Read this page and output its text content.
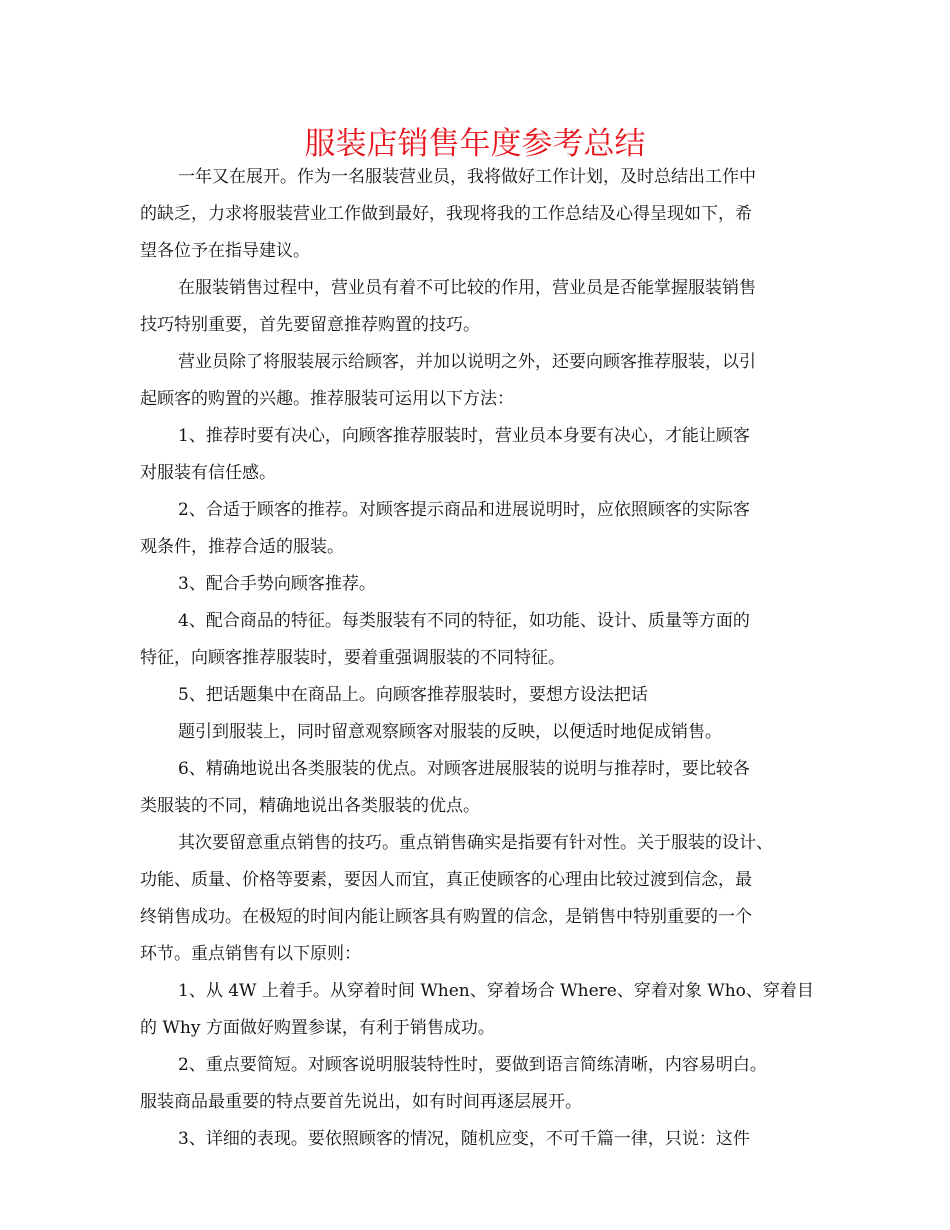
服装店销售年度参考总结
一年又在展开。作为一名服装营业员，我将做好工作计划，及时总结出工作中
的缺乏，力求将服装营业工作做到最好，我现将我的工作总结及心得呈现如下，希
望各位予在指导建议。
在服装销售过程中，营业员有着不可比较的作用，营业员是否能掌握服装销售
技巧特别重要，首先要留意推荐购置的技巧。
营业员除了将服装展示给顾客，并加以说明之外，还要向顾客推荐服装，以引
起顾客的购置的兴趣。推荐服装可运用以下方法：
1、推荐时要有决心，向顾客推荐服装时，营业员本身要有决心，才能让顾客
对服装有信任感。
2、合适于顾客的推荐。对顾客提示商品和进展说明时，应依照顾客的实际客
观条件，推荐合适的服装。
3、配合手势向顾客推荐。
4、配合商品的特征。每类服装有不同的特征，如功能、设计、质量等方面的
特征，向顾客推荐服装时，要着重强调服装的不同特征。
5、把话题集中在商品上。向顾客推荐服装时，要想方设法把话
题引到服装上，同时留意观察顾客对服装的反映，以便适时地促成销售。
6、精确地说出各类服装的优点。对顾客进展服装的说明与推荐时，要比较各
类服装的不同，精确地说出各类服装的优点。
其次要留意重点销售的技巧。重点销售确实是指要有针对性。关于服装的设计、
功能、质量、价格等要素，要因人而宜，真正使顾客的心理由比较过渡到信念，最
终销售成功。在极短的时间内能让顾客具有购置的信念，是销售中特别重要的一个
环节。重点销售有以下原则：
1、从 4W 上着手。从穿着时间 When、穿着场合 Where、穿着对象 Who、穿着目
的 Why 方面做好购置参谋，有利于销售成功。
2、重点要简短。对顾客说明服装特性时，要做到语言简练清晰，内容易明白。
服装商品最重要的特点要首先说出，如有时间再逐层展开。
3、详细的表现。要依照顾客的情况，随机应变，不可千篇一律，只说：这件
